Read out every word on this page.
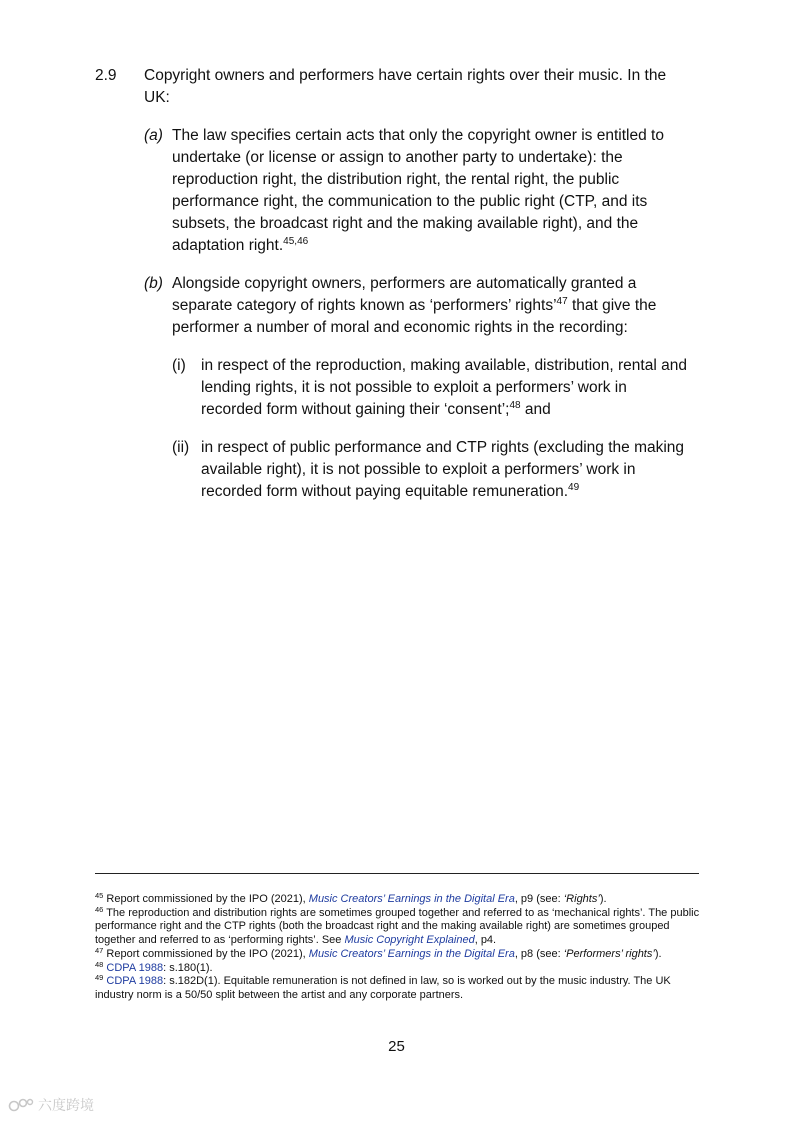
2.9	Copyright owners and performers have certain rights over their music. In the UK:
(a) The law specifies certain acts that only the copyright owner is entitled to undertake (or license or assign to another party to undertake): the reproduction right, the distribution right, the rental right, the public performance right, the communication to the public right (CTP, and its subsets, the broadcast right and the making available right), and the adaptation right.$^{45,46}$
(b) Alongside copyright owners, performers are automatically granted a separate category of rights known as ‘performers’ rights’$^{47}$ that give the performer a number of moral and economic rights in the recording:
(i) in respect of the reproduction, making available, distribution, rental and lending rights, it is not possible to exploit a performers’ work in recorded form without gaining their ‘consent’;$^{48}$ and
(ii) in respect of public performance and CTP rights (excluding the making available right), it is not possible to exploit a performers’ work in recorded form without paying equitable remuneration.$^{49}$
$^{45}$ Report commissioned by the IPO (2021), Music Creators’ Earnings in the Digital Era, p9 (see: ‘Rights’).
$^{46}$ The reproduction and distribution rights are sometimes grouped together and referred to as ‘mechanical rights’. The public performance right and the CTP rights (both the broadcast right and the making available right) are sometimes grouped together and referred to as ‘performing rights’. See Music Copyright Explained, p4.
$^{47}$ Report commissioned by the IPO (2021), Music Creators’ Earnings in the Digital Era, p8 (see: ‘Performers’ rights’).
$^{48}$ CDPA 1988: s.180(1).
$^{49}$ CDPA 1988: s.182D(1). Equitable remuneration is not defined in law, so is worked out by the music industry. The UK industry norm is a 50/50 split between the artist and any corporate partners.
25
六度跨境
